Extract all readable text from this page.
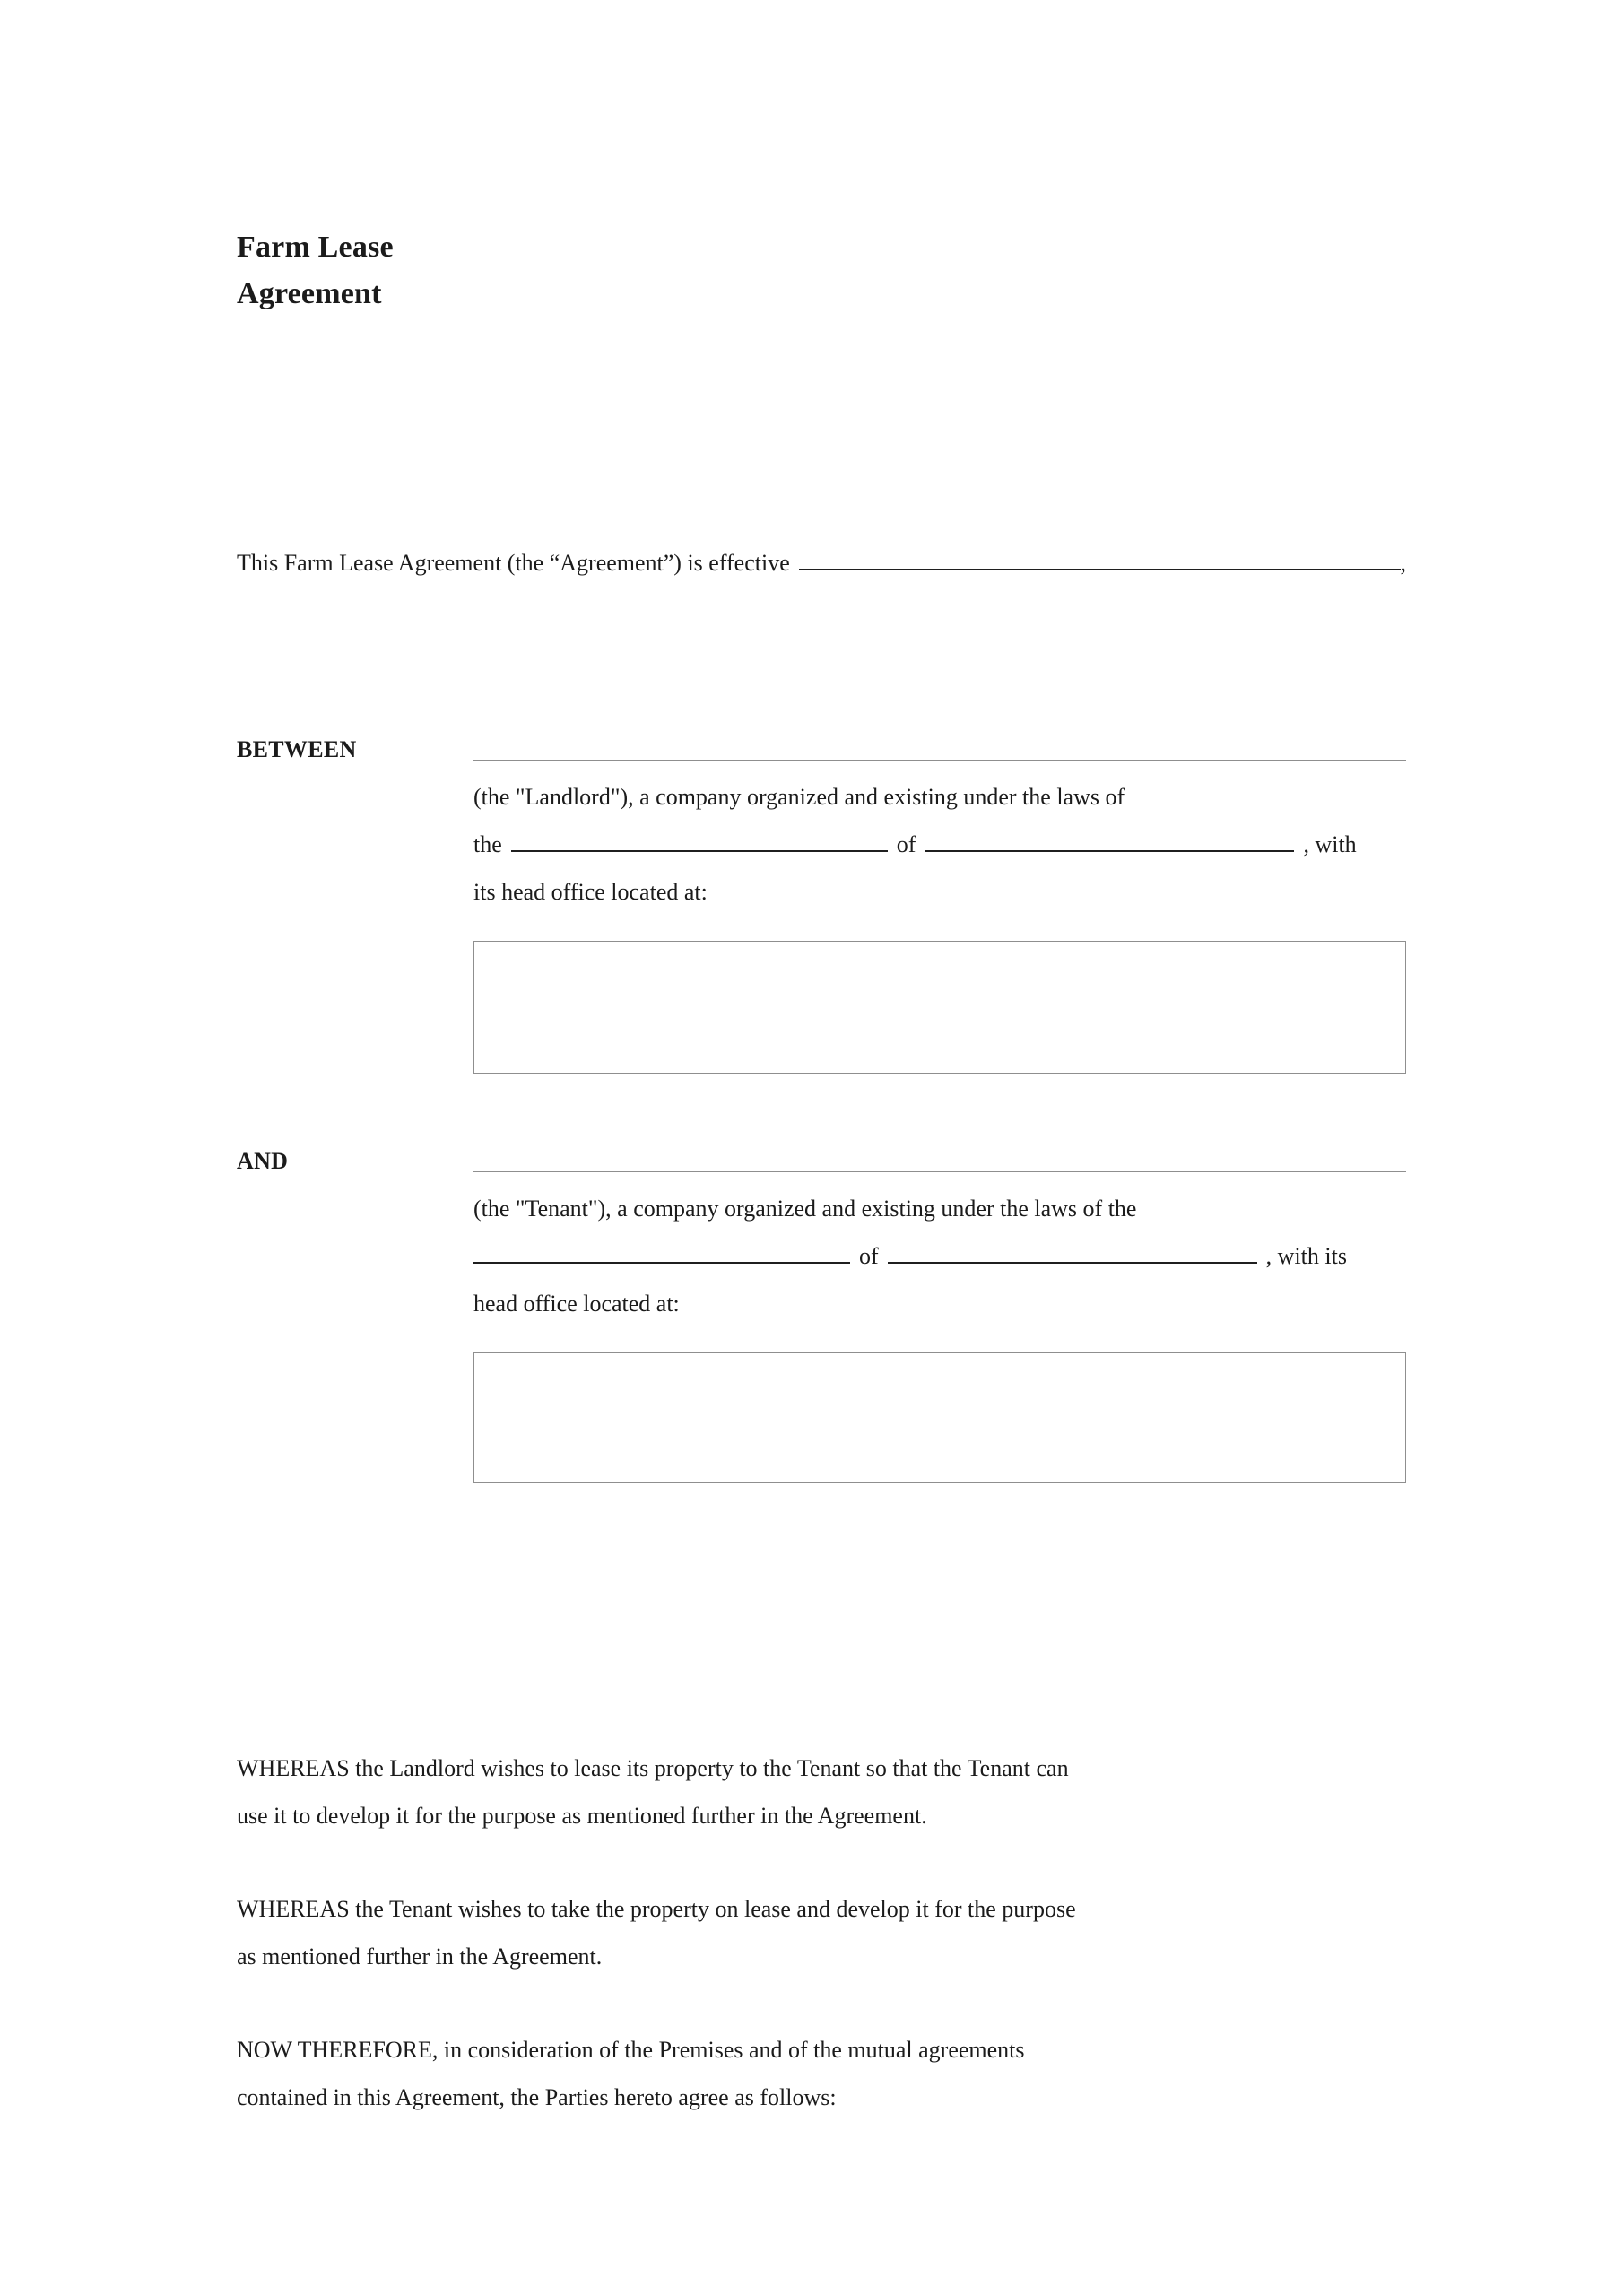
Farm Lease
Agreement
This Farm Lease Agreement (the “Agreement”) is effective	,
BETWEEN
(the "Landlord"), a company organized and existing under the laws of
the	of	, with
its head office located at:
AND
(the "Tenant"), a company organized and existing under the laws of the
of	, with its
head office located at:
WHEREAS the Landlord wishes to lease its property to the Tenant so that the Tenant can
use it to develop it for the purpose as mentioned further in the Agreement.
WHEREAS the Tenant wishes to take the property on lease and develop it for the purpose
as mentioned further in the Agreement.
NOW THEREFORE, in consideration of the Premises and of the mutual agreements
contained in this Agreement, the Parties hereto agree as follows:
